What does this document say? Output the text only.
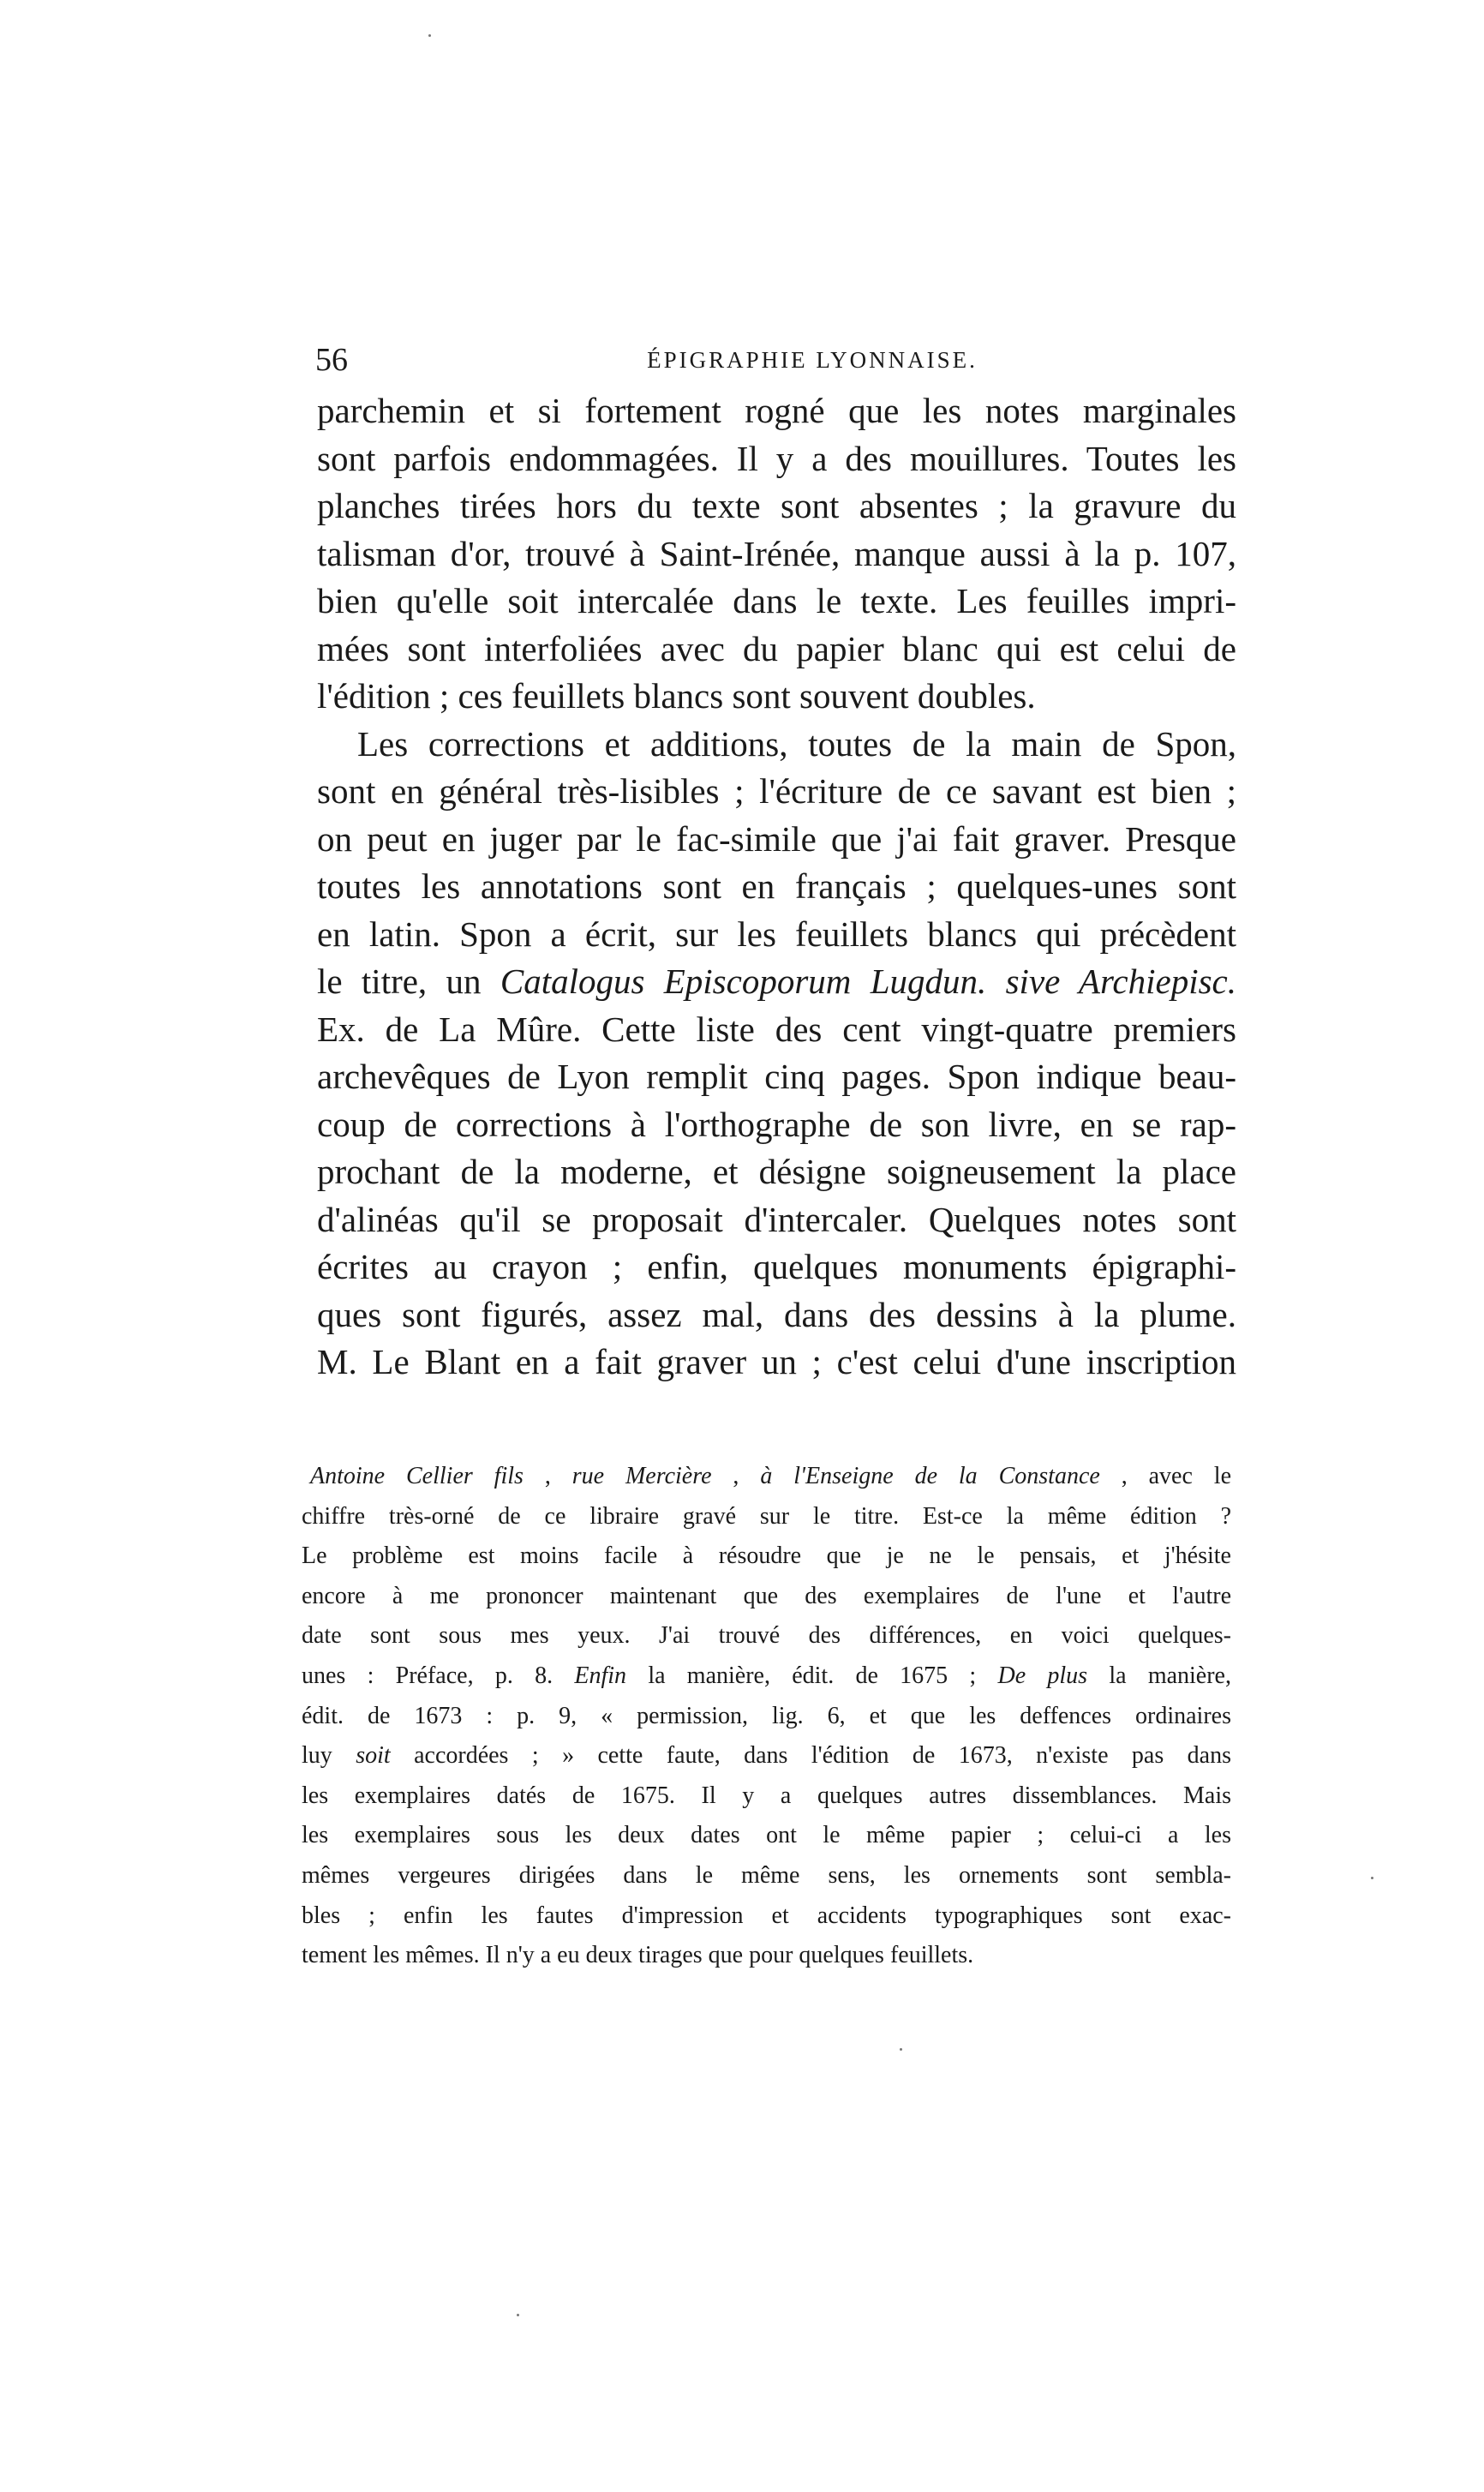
56	ÉPIGRAPHIE LYONNAISE.

parchemin et si fortement rogné que les notes marginales
sont parfois endommagées. Il y a des mouillures. Toutes les
planches tirées hors du texte sont absentes ; la gravure du
talisman d'or, trouvé à Saint-Irénée, manque aussi à la p. 107,
bien qu'elle soit intercalée dans le texte. Les feuilles impri-
mées sont interfoliées avec du papier blanc qui est celui de
l'édition ; ces feuillets blancs sont souvent doubles.

Les corrections et additions, toutes de la main de Spon,
sont en général très-lisibles ; l'écriture de ce savant est bien ;
on peut en juger par le fac-simile que j'ai fait graver. Presque
toutes les annotations sont en français ; quelques-unes sont
en latin. Spon a écrit, sur les feuillets blancs qui précèdent
le titre, un Catalogus Episcoporum Lugdun. sive Archiepisc.
Ex. de La Mûre. Cette liste des cent vingt-quatre premiers
archevêques de Lyon remplit cinq pages. Spon indique beau-
coup de corrections à l'orthographe de son livre, en se rap-
prochant de la moderne, et désigne soigneusement la place
d'alinéas qu'il se proposait d'intercaler. Quelques notes sont
écrites au crayon ; enfin, quelques monuments épigraphi-
ques sont figurés, assez mal, dans des dessins à la plume.
M. Le Blant en a fait graver un ; c'est celui d'une inscription

Antoine Cellier fils , rue Mercière , à l'Enseigne de la Constance , avec le
chiffre très-orné de ce libraire gravé sur le titre. Est-ce la même édition ?
Le problème est moins facile à résoudre que je ne le pensais, et j'hésite
encore à me prononcer maintenant que des exemplaires de l'une et l'autre
date sont sous mes yeux. J'ai trouvé des différences, en voici quelques-
unes : Préface, p. 8. Enfin la manière, édit. de 1675 ; De plus la manière,
édit. de 1673 : p. 9, « permission, lig. 6, et que les deffences ordinaires
luy soit accordées ; » cette faute, dans l'édition de 1673, n'existe pas dans
les exemplaires datés de 1675. Il y a quelques autres dissemblances. Mais
les exemplaires sous les deux dates ont le même papier ; celui-ci a les
mêmes vergeures dirigées dans le même sens, les ornements sont sembla-
bles ; enfin les fautes d'impression et accidents typographiques sont exac-
tement les mêmes. Il n'y a eu deux tirages que pour quelques feuillets.
